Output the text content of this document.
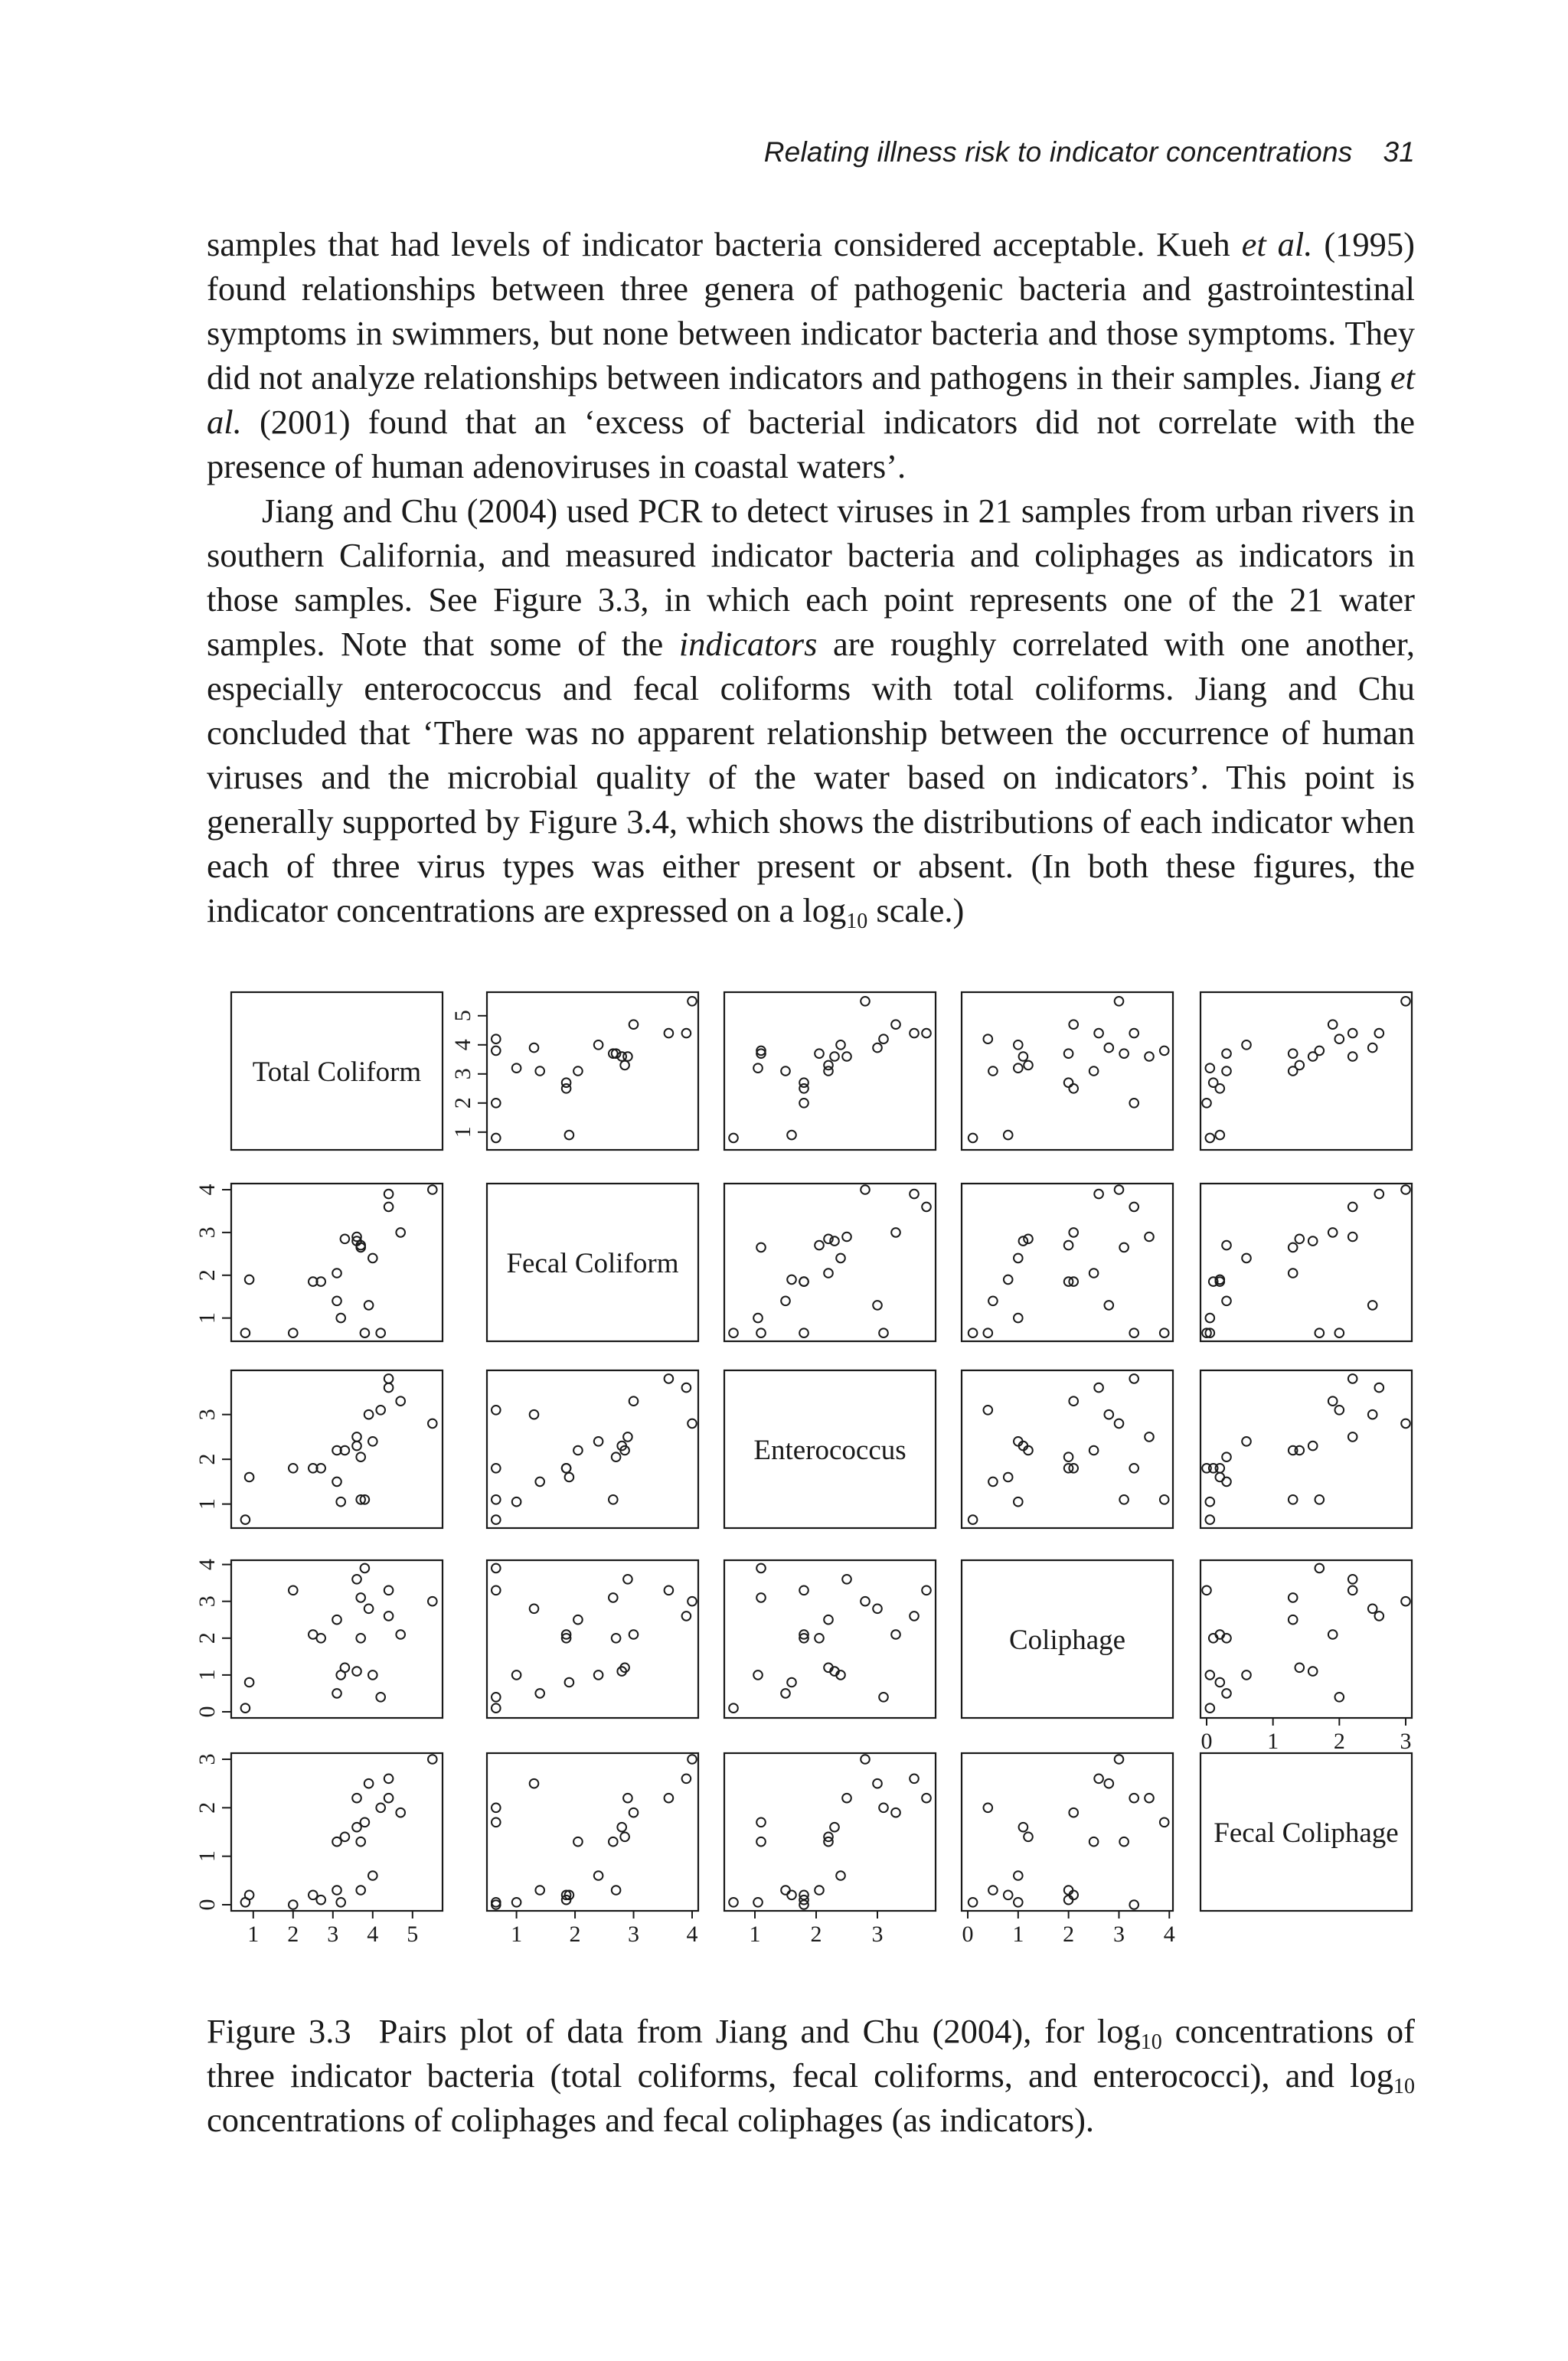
Relating illness risk to indicator concentrations 31

samples that had levels of indicator bacteria considered acceptable. Kueh et al. (1995) found relationships between three genera of pathogenic bacteria and gastrointestinal symptoms in swimmers, but none between indicator bacteria and those symptoms. They did not analyze relationships between indicators and pathogens in their samples. Jiang et al. (2001) found that an ‘excess of bacterial indicators did not correlate with the presence of human adenoviruses in coastal waters’.

Jiang and Chu (2004) used PCR to detect viruses in 21 samples from urban rivers in southern California, and measured indicator bacteria and coliphages as indicators in those samples. See Figure 3.3, in which each point represents one of the 21 water samples. Note that some of the indicators are roughly correlated with one another, especially enterococcus and fecal coliforms with total coliforms. Jiang and Chu concluded that ‘There was no apparent relationship between the occurrence of human viruses and the microbial quality of the water based on indicators’. This point is generally supported by Figure 3.4, which shows the distributions of each indicator when each of three virus types was either present or absent. (In both these figures, the indicator concentrations are expressed on a $\log_{10}$ scale.)

Total Coliform
Fecal Coliform
Enterococcus
Coliphage
Fecal Coliphage
1
2
3
4
1
2
3
0
1
2
3
4
0
1
2
3
1
2
3
4
5
1 2 3 4 5	1 2 3 4 1 2 3	0 1 2 3 4
0 1 2 3
Figure 3.3 Pairs plot of data from Jiang and Chu (2004), for $\log_{10}$ concentrations of three indicator bacteria (total coliforms, fecal coliforms, and enterococci), and $\log_{10}$ concentrations of coliphages and fecal coliphages (as indicators).
